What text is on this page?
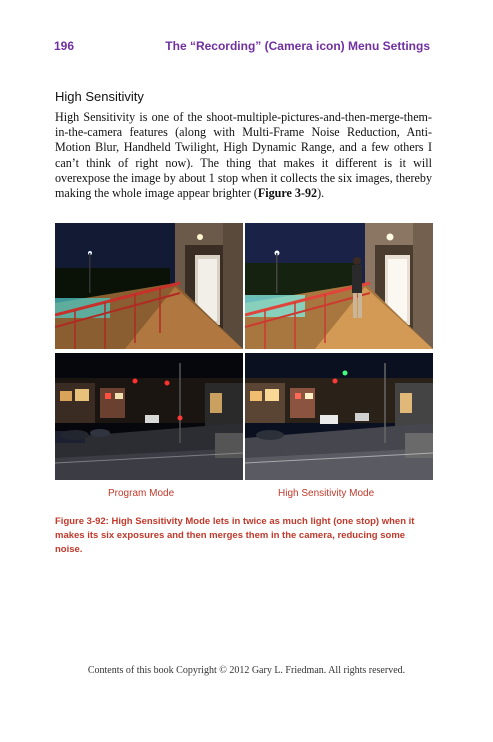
196	The “Recording” (Camera icon) Menu Settings
High Sensitivity

High Sensitivity is one of the shoot-multiple-pictures-and-then-merge-them-in-the-camera features (along with Multi-Frame Noise Reduction, Anti-Motion Blur, Handheld Twilight, High Dynamic Range, and a few others I can’t think of right now). The thing that makes it different is it will overexpose the image by about 1 stop when it collects the six images, thereby making the whole image appear brighter (Figure 3-92).

Program Mode	High Sensitivity Mode

Figure 3-92: High Sensitivity Mode lets in twice as much light (one stop) when it makes its six exposures and then merges them in the camera, reducing some noise.

Contents of this book Copyright © 2012 Gary L. Friedman. All rights reserved.
